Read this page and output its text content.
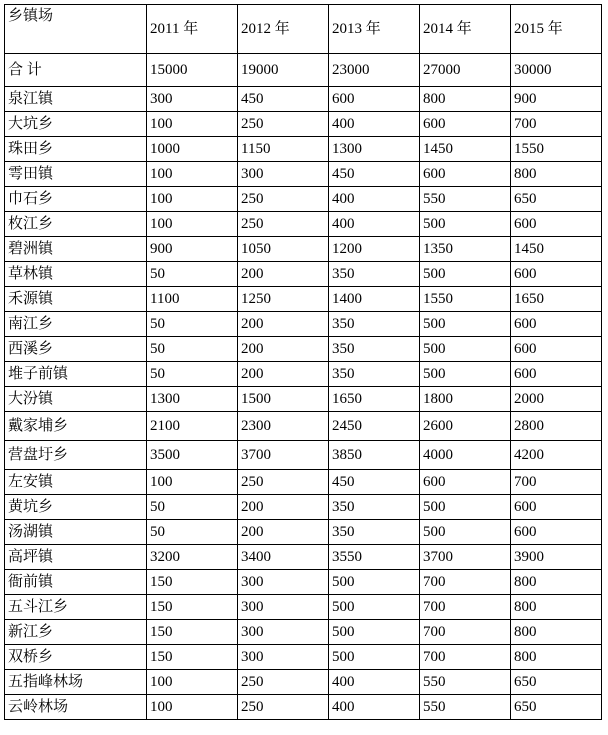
乡镇场	2011 年	2012 年	2013 年	2014 年	2015 年
合 计	15000	19000	23000	27000	30000
泉江镇	300	450	600	800	900
大坑乡	100	250	400	600	700
珠田乡	1000	1150	1300	1450	1550
雩田镇	100	300	450	600	800
巾石乡	100	250	400	550	650
枚江乡	100	250	400	500	600
碧洲镇	900	1050	1200	1350	1450
草林镇	50	200	350	500	600
禾源镇	1100	1250	1400	1550	1650
南江乡	50	200	350	500	600
西溪乡	50	200	350	500	600
堆子前镇	50	200	350	500	600
大汾镇	1300	1500	1650	1800	2000
戴家埔乡	2100	2300	2450	2600	2800
营盘圩乡	3500	3700	3850	4000	4200
左安镇	100	250	450	600	700
黄坑乡	50	200	350	500	600
汤湖镇	50	200	350	500	600
高坪镇	3200	3400	3550	3700	3900
衙前镇	150	300	500	700	800
五斗江乡	150	300	500	700	800
新江乡	150	300	500	700	800
双桥乡	150	300	500	700	800
五指峰林场	100	250	400	550	650
云岭林场	100	250	400	550	650
